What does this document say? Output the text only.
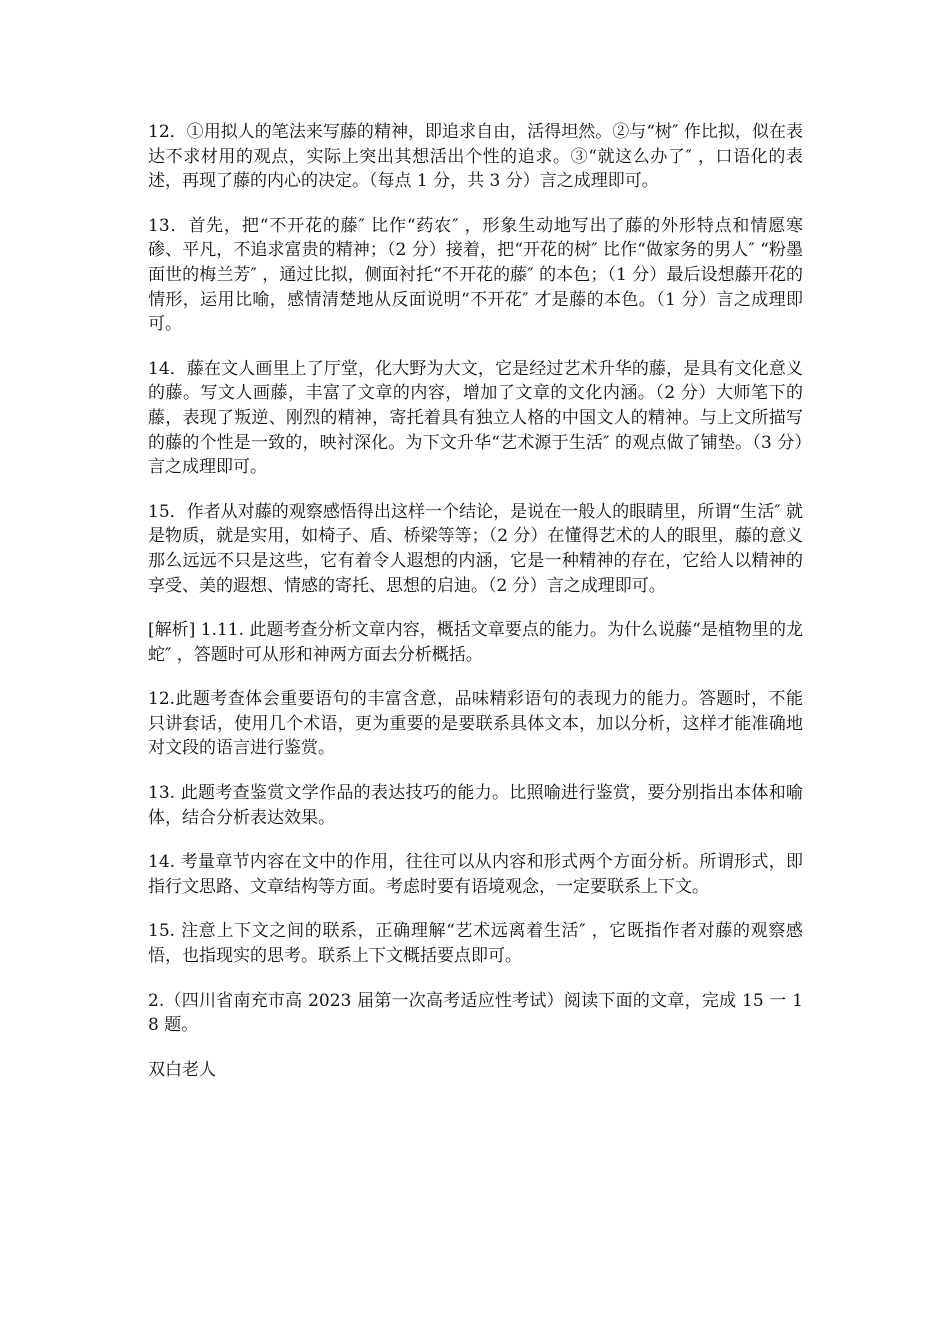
12．①用拟人的笔法来写藤的精神，即追求自由，活得坦然。②与“树″ 作比拟，似在表达不求材用的观点，实际上突出其想活出个性的追求。③“就这么办了″ ，口语化的表述，再现了藤的内心的决定。（每点 1 分，共 3 分）言之成理即可。

13．首先，把“不开花的藤″ 比作“药农″ ，形象生动地写出了藤的外形特点和情愿寒碜、平凡，不追求富贵的精神；（2 分）接着，把“开花的树″ 比作“做家务的男人″ “粉墨面世的梅兰芳″ ，通过比拟，侧面衬托“不开花的藤″ 的本色；（1 分）最后设想藤开花的情形，运用比喻，感情清楚地从反面说明“不开花″ 才是藤的本色。（1 分）言之成理即可。

14．藤在文人画里上了厅堂，化大野为大文，它是经过艺术升华的藤，是具有文化意义的藤。写文人画藤，丰富了文章的内容，增加了文章的文化内涵。（2 分）大师笔下的藤，表现了叛逆、刚烈的精神，寄托着具有独立人格的中国文人的精神。与上文所描写的藤的个性是一致的，映衬深化。为下文升华“艺术源于生活″ 的观点做了铺垫。（3 分）言之成理即可。

15．作者从对藤的观察感悟得出这样一个结论，是说在一般人的眼睛里，所谓“生活″ 就是物质，就是实用，如椅子、盾、桥梁等等；（2 分）在懂得艺术的人的眼里，藤的意义那么远远不只是这些，它有着令人遐想的内涵，它是一种精神的存在，它给人以精神的享受、美的遐想、情感的寄托、思想的启迪。（2 分）言之成理即可。

[解析] 1.11. 此题考查分析文章内容，概括文章要点的能力。为什么说藤“是植物里的龙蛇″ ，答题时可从形和神两方面去分析概括。

12.此题考查体会重要语句的丰富含意，品味精彩语句的表现力的能力。答题时，不能只讲套话，使用几个术语，更为重要的是要联系具体文本，加以分析，这样才能准确地对文段的语言进行鉴赏。

13. 此题考查鉴赏文学作品的表达技巧的能力。比照喻进行鉴赏，要分别指出本体和喻体，结合分析表达效果。

14. 考量章节内容在文中的作用，往往可以从内容和形式两个方面分析。所谓形式，即指行文思路、文章结构等方面。考虑时要有语境观念，一定要联系上下文。

15. 注意上下文之间的联系，正确理解“艺术远离着生活″ ，它既指作者对藤的观察感悟，也指现实的思考。联系上下文概括要点即可。

2.（四川省南充市高 2023 届第一次高考适应性考试）阅读下面的文章，完成 15 一 18 题。

双白老人
